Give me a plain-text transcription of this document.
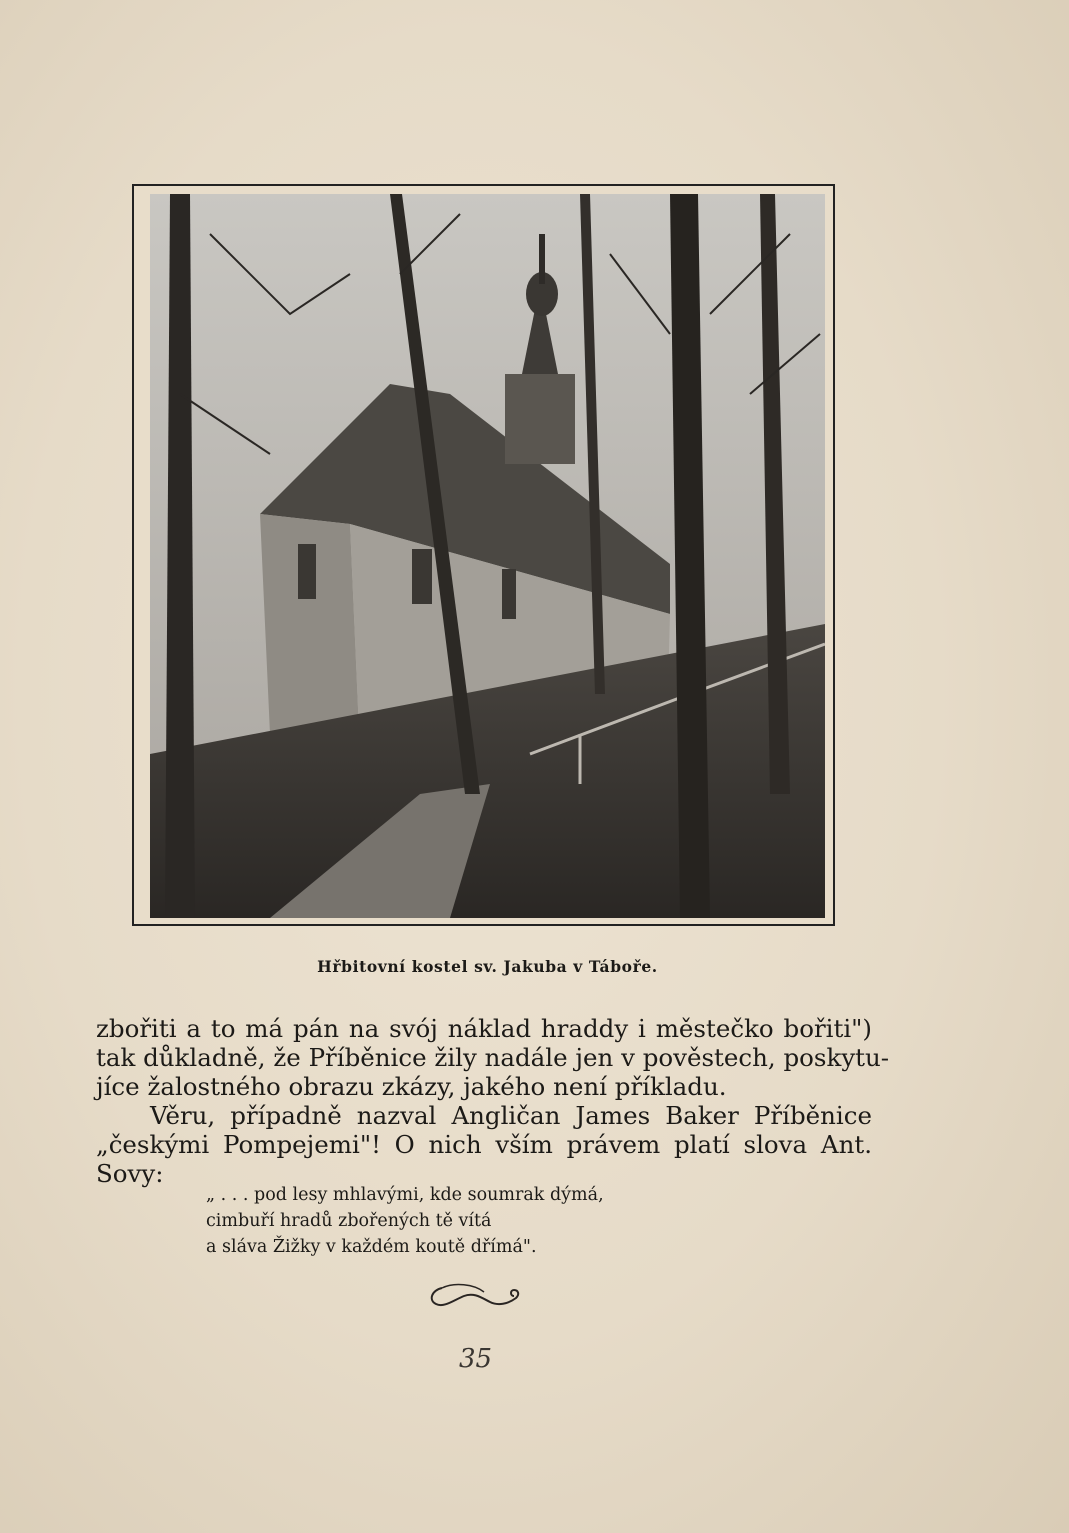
Hřbitovní kostel sv. Jakuba v Táboře.

zbořiti a to má pán na svój náklad hraddy i městečko bořiti")
tak důkladně, že Příběnice žily nadále jen v pověstech, poskytu-
jíce žalostného obrazu zkázy, jakého není příkladu.

Věru, případně nazval Angličan James Baker Příběnice
„českými Pompejemi"! O nich vším právem platí slova Ant.
Sovy:

„ . . . pod lesy mhlavými, kde soumrak dýmá,
cimbuří hradů zbořených tě vítá
a sláva Žižky v každém koutě dřímá".
35
